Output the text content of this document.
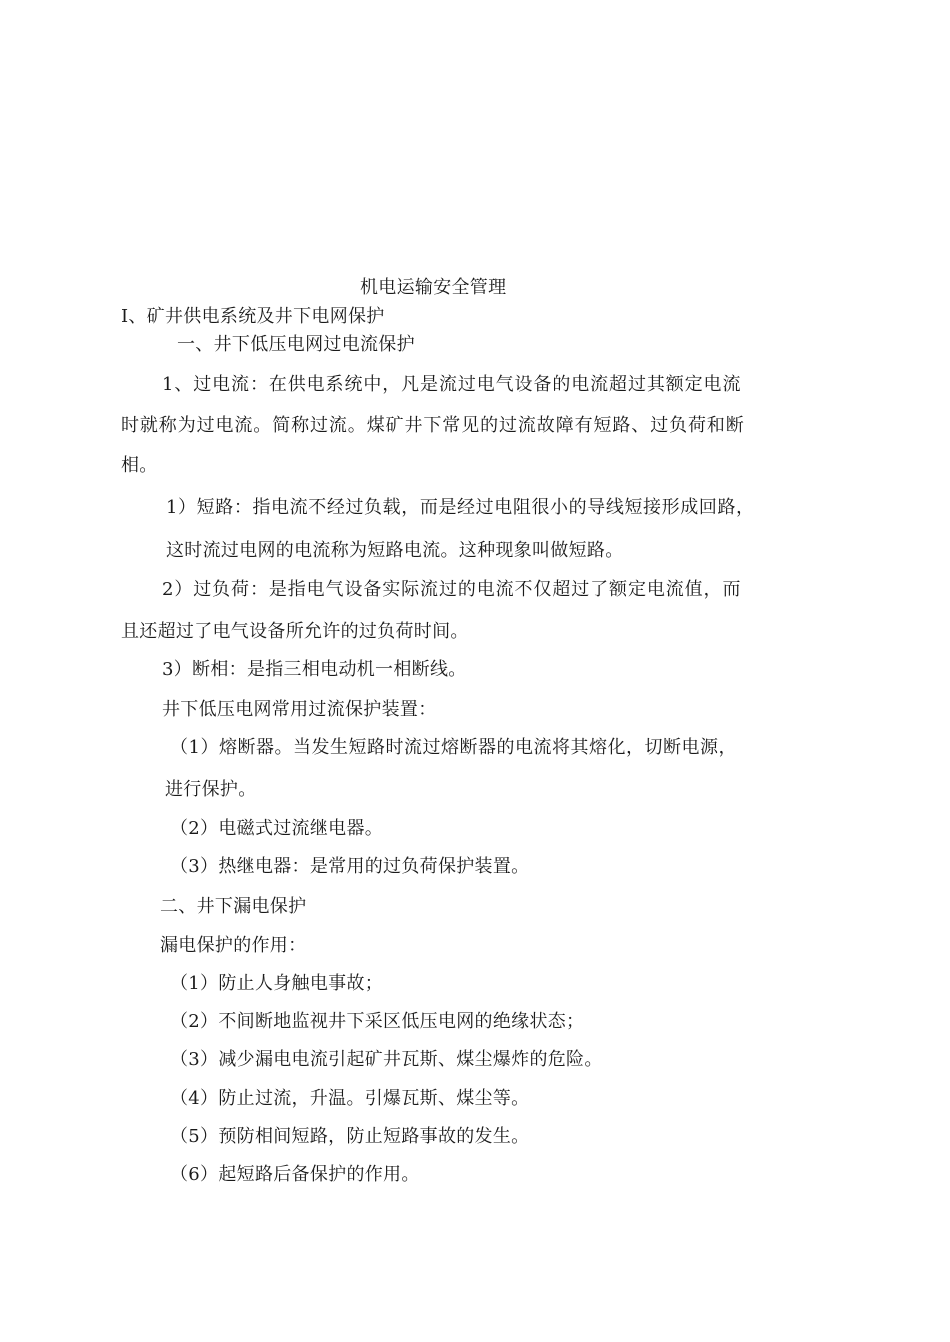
机电运输安全管理
Ⅰ、矿井供电系统及井下电网保护
一、井下低压电网过电流保护
1、过电流：在供电系统中，凡是流过电气设备的电流超过其额定电流
时就称为过电流。简称过流。煤矿井下常见的过流故障有短路、过负荷和断
相。
1）短路：指电流不经过负载，而是经过电阻很小的导线短接形成回路，
这时流过电网的电流称为短路电流。这种现象叫做短路。
2）过负荷：是指电气设备实际流过的电流不仅超过了额定电流值，而
且还超过了电气设备所允许的过负荷时间。
3）断相：是指三相电动机一相断线。
井下低压电网常用过流保护装置：
（1）熔断器。当发生短路时流过熔断器的电流将其熔化，切断电源，
进行保护。
（2）电磁式过流继电器。
（3）热继电器：是常用的过负荷保护装置。
二、井下漏电保护
漏电保护的作用：
（1）防止人身触电事故；
（2）不间断地监视井下采区低压电网的绝缘状态；
（3）减少漏电电流引起矿井瓦斯、煤尘爆炸的危险。
（4）防止过流，升温。引爆瓦斯、煤尘等。
（5）预防相间短路，防止短路事故的发生。
（6）起短路后备保护的作用。
